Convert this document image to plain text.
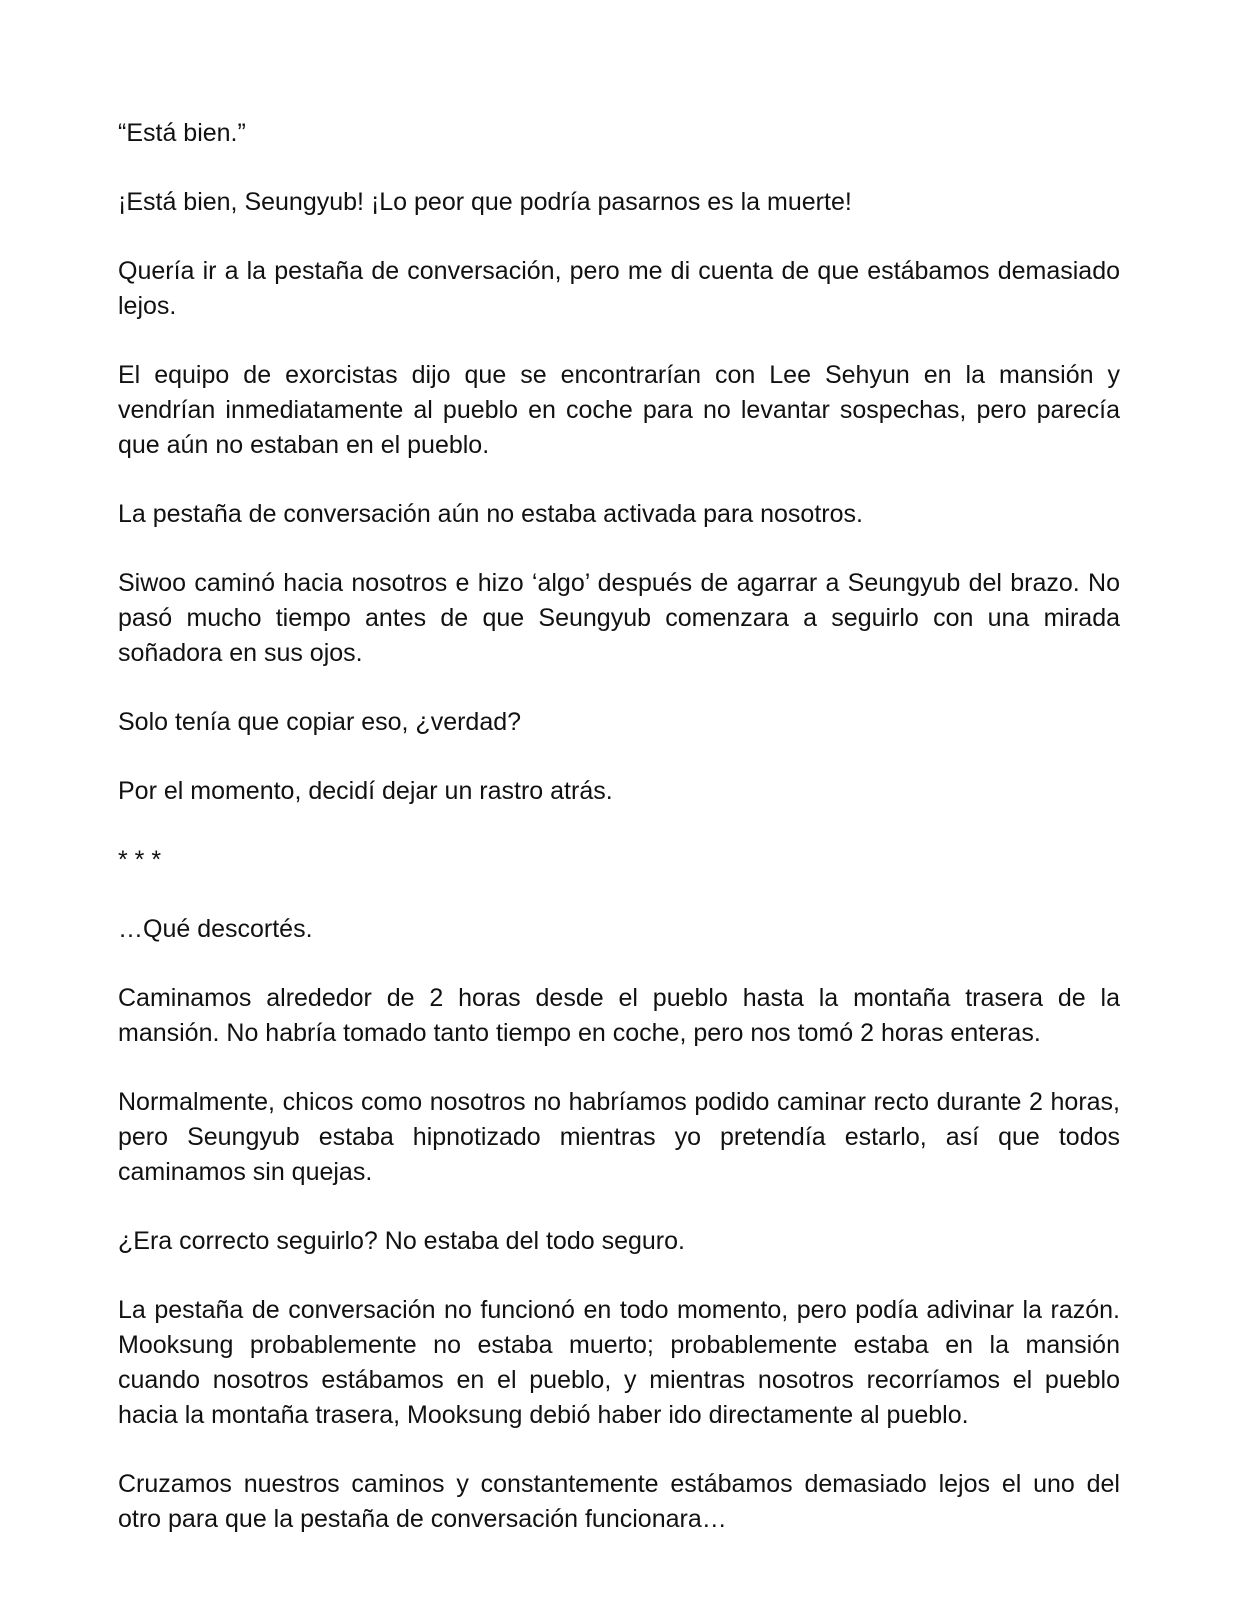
“Está bien.”

¡Está bien, Seungyub! ¡Lo peor que podría pasarnos es la muerte!

Quería ir a la pestaña de conversación, pero me di cuenta de que estábamos demasiado lejos.

El equipo de exorcistas dijo que se encontrarían con Lee Sehyun en la mansión y vendrían inmediatamente al pueblo en coche para no levantar sospechas, pero parecía que aún no estaban en el pueblo.

La pestaña de conversación aún no estaba activada para nosotros.

Siwoo caminó hacia nosotros e hizo ‘algo’ después de agarrar a Seungyub del brazo. No pasó mucho tiempo antes de que Seungyub comenzara a seguirlo con una mirada soñadora en sus ojos.

Solo tenía que copiar eso, ¿verdad?

Por el momento, decidí dejar un rastro atrás.

* * *

…Qué descortés.

Caminamos alrededor de 2 horas desde el pueblo hasta la montaña trasera de la mansión. No habría tomado tanto tiempo en coche, pero nos tomó 2 horas enteras.

Normalmente, chicos como nosotros no habríamos podido caminar recto durante 2 horas, pero Seungyub estaba hipnotizado mientras yo pretendía estarlo, así que todos caminamos sin quejas.

¿Era correcto seguirlo? No estaba del todo seguro.

La pestaña de conversación no funcionó en todo momento, pero podía adivinar la razón. Mooksung probablemente no estaba muerto; probablemente estaba en la mansión cuando nosotros estábamos en el pueblo, y mientras nosotros recorríamos el pueblo hacia la montaña trasera, Mooksung debió haber ido directamente al pueblo.

Cruzamos nuestros caminos y constantemente estábamos demasiado lejos el uno del otro para que la pestaña de conversación funcionara…
